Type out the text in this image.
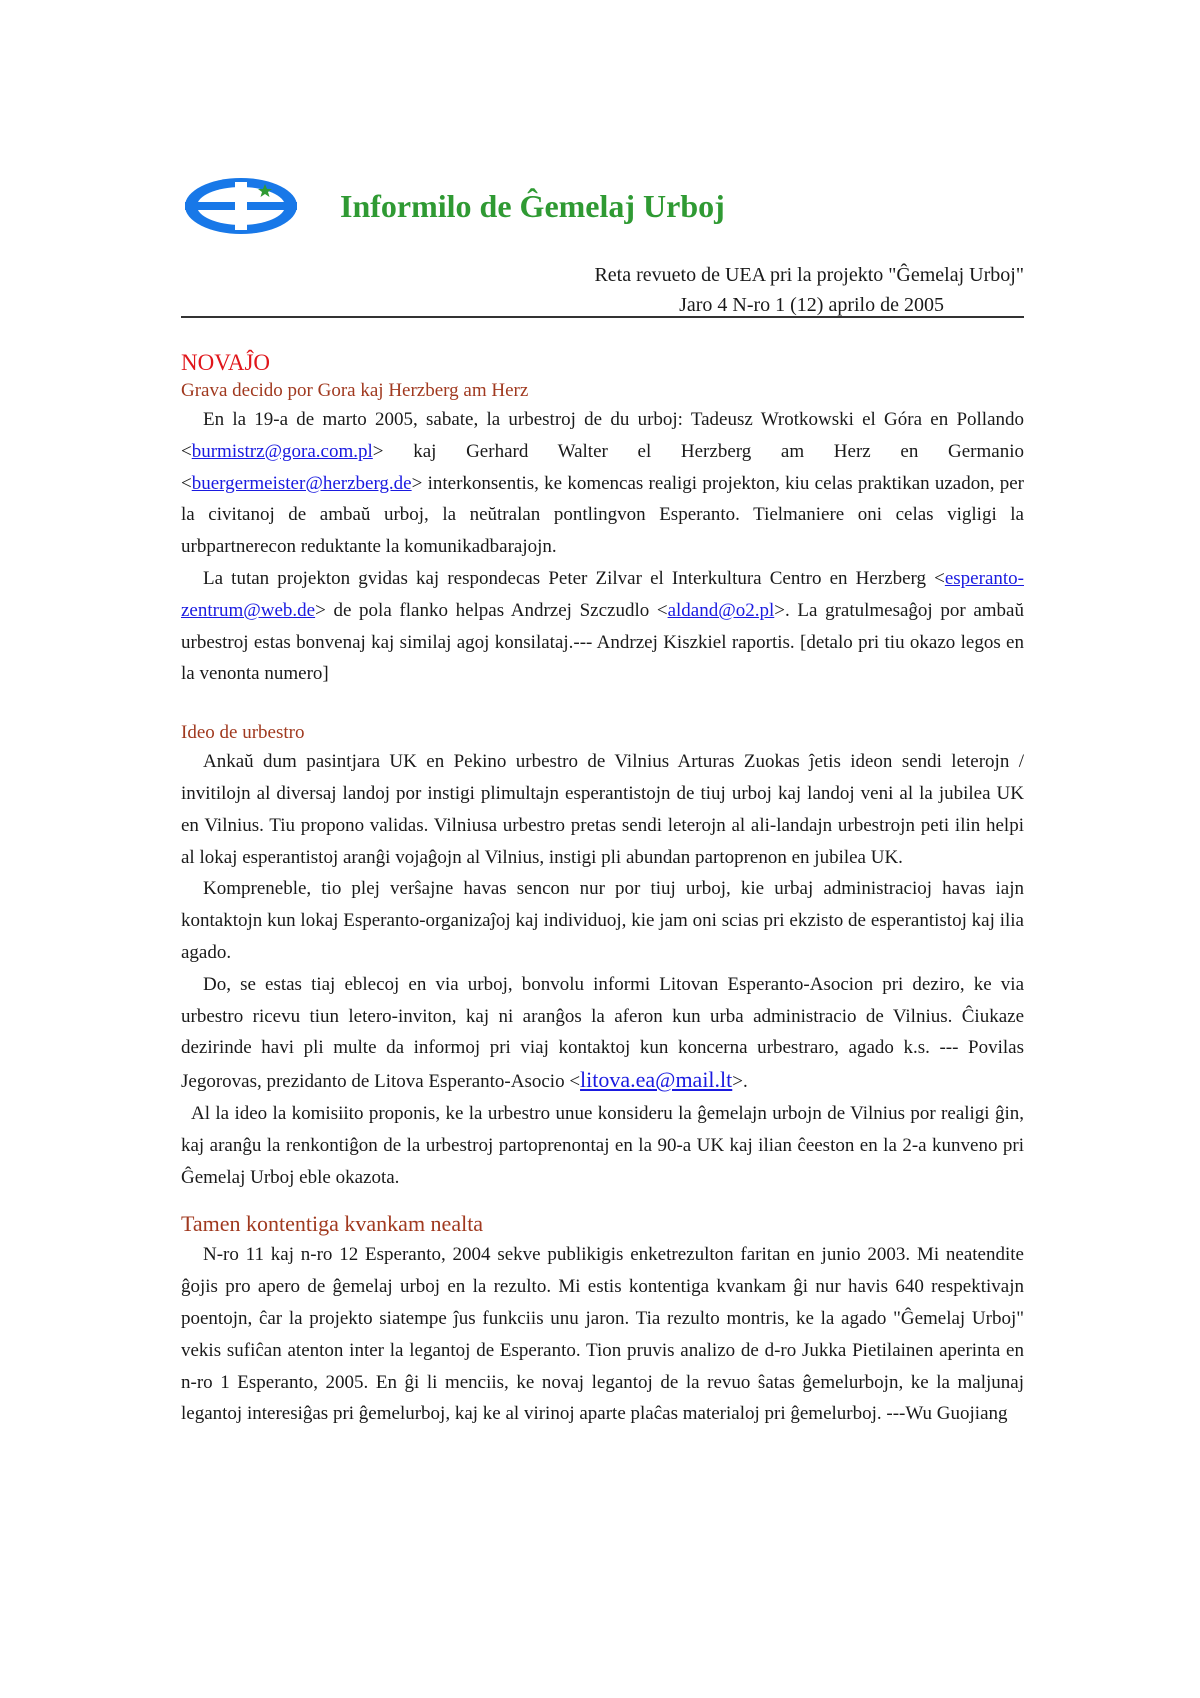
Informilo de Ĝemelaj Urboj
Reta revueto de UEA pri la projekto "Ĝemelaj Urboj"
Jaro 4 N-ro 1 (12) aprilo de 2005
NOVAĴO
Grava decido por Gora kaj Herzberg am Herz

En la 19-a de marto 2005, sabate, la urbestroj de du urboj: Tadeusz Wrotkowski el Góra en Pollando <burmistrz@gora.com.pl> kaj Gerhard Walter el Herzberg am Herz en Germanio <buergermeister@herzberg.de> interkonsentis, ke komencas realigi projekton, kiu celas praktikan uzadon, per la civitanoj de ambaŭ urboj, la neŭtralan pontlingvon Esperanto. Tielmaniere oni celas vigligi la urbpartnerecon reduktante la komunikadbarajojn.

La tutan projekton gvidas kaj respondecas Peter Zilvar el Interkultura Centro en Herzberg <esperanto-zentrum@web.de> de pola flanko helpas Andrzej Szczudlo <aldand@o2.pl>. La gratulmesaĝoj por ambaŭ urbestroj estas bonvenaj kaj similaj agoj konsilataj.--- Andrzej Kiszkiel raportis. [detalo pri tiu okazo legos en la venonta numero]

Ideo de urbestro

Ankaŭ dum pasintjara UK en Pekino urbestro de Vilnius Arturas Zuokas ĵetis ideon sendi leterojn / invitilojn al diversaj landoj por instigi plimultajn esperantistojn de tiuj urboj kaj landoj veni al la jubilea UK en Vilnius. Tiu propono validas. Vilniusa urbestro pretas sendi leterojn al ali-landajn urbestrojn peti ilin helpi al lokaj esperantistoj aranĝi vojaĝojn al Vilnius, instigi pli abundan partoprenon en jubilea UK.

Kompreneble, tio plej verŝajne havas sencon nur por tiuj urboj, kie urbaj administracioj havas iajn kontaktojn kun lokaj Esperanto-organizaĵoj kaj individuoj, kie jam oni scias pri ekzisto de esperantistoj kaj ilia agado.

Do, se estas tiaj eblecoj en via urboj, bonvolu informi Litovan Esperanto-Asocion pri deziro, ke via urbestro ricevu tiun letero-inviton, kaj ni aranĝos la aferon kun urba administracio de Vilnius. Ĉiukaze dezirinde havi pli multe da informoj pri viaj kontaktoj kun koncerna urbestraro, agado k.s. --- Povilas Jegorovas, prezidanto de Litova Esperanto-Asocio <litova.ea@mail.lt>.

Al la ideo la komisiito proponis, ke la urbestro unue konsideru la ĝemelajn urbojn de Vilnius por realigi ĝin, kaj aranĝu la renkontiĝon de la urbestroj partoprenontaj en la 90-a UK kaj ilian ĉeeston en la 2-a kunveno pri Ĝemelaj Urboj eble okazota.

Tamen kontentiga kvankam nealta

N-ro 11 kaj n-ro 12 Esperanto, 2004 sekve publikigis enketrezulton faritan en junio 2003. Mi neatendite ĝojis pro apero de ĝemelaj urboj en la rezulto. Mi estis kontentiga kvankam ĝi nur havis 640 respektivajn poentojn, ĉar la projekto siatempe ĵus funkciis unu jaron. Tia rezulto montris, ke la agado "Ĝemelaj Urboj" vekis sufiĉan atenton inter la legantoj de Esperanto. Tion pruvis analizo de d-ro Jukka Pietilainen aperinta en n-ro 1 Esperanto, 2005. En ĝi li menciis, ke novaj legantoj de la revuo ŝatas ĝemelurbojn, ke la maljunaj legantoj interesiĝas pri ĝemelurboj, kaj ke al virinoj aparte plaĉas materialoj pri ĝemelurboj. ---Wu Guojiang
